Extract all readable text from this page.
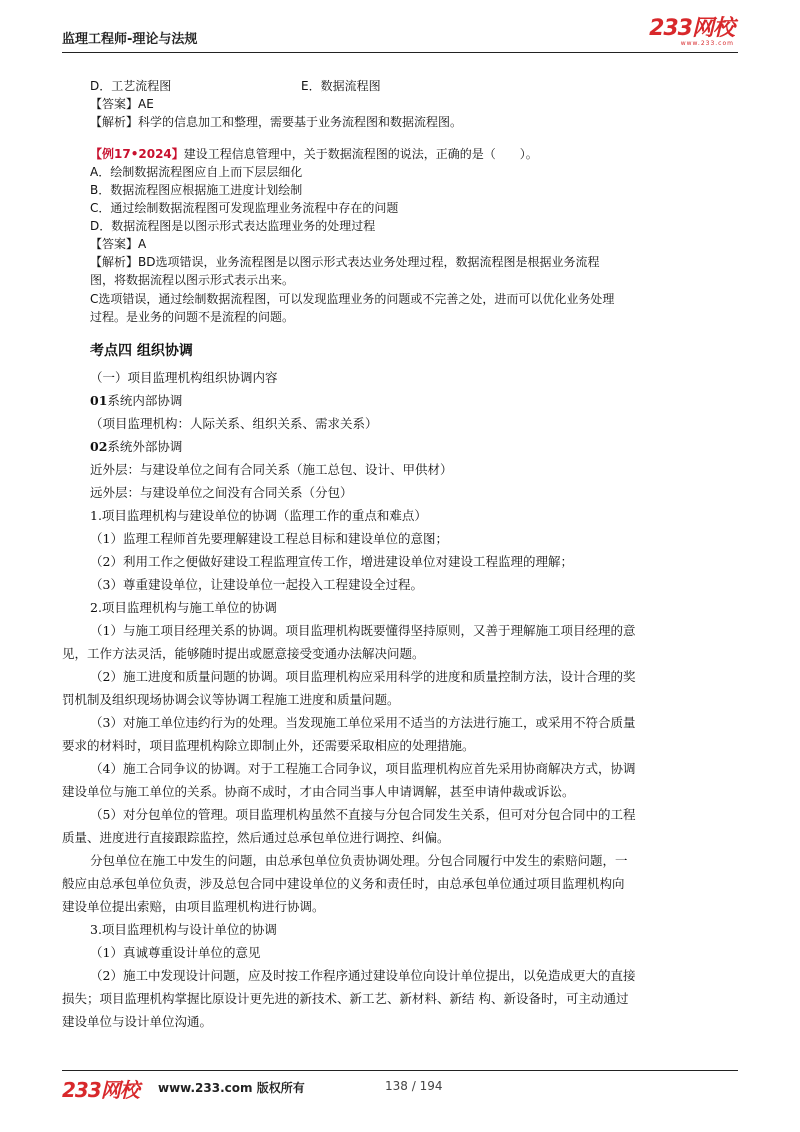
监理工程师-理论与法规	233网校
www.233.com
D．工艺流程图	E．数据流程图
【答案】AE
【解析】科学的信息加工和整理，需要基于业务流程图和数据流程图。
【例17•2024】建设工程信息管理中，关于数据流程图的说法，正确的是（　　）。
A．绘制数据流程图应自上而下层层细化
B．数据流程图应根据施工进度计划绘制
C．通过绘制数据流程图可发现监理业务流程中存在的问题
D．数据流程图是以图示形式表达监理业务的处理过程
【答案】A
【解析】BD选项错误，业务流程图是以图示形式表达业务处理过程，数据流程图是根据业务流程
图，将数据流程以图示形式表示出来。
C选项错误，通过绘制数据流程图，可以发现监理业务的问题或不完善之处，进而可以优化业务处理
过程。是业务的问题不是流程的问题。
考点四 组织协调
（一）项目监理机构组织协调内容
01系统内部协调
（项目监理机构：人际关系、组织关系、需求关系）
02系统外部协调
近外层：与建设单位之间有合同关系（施工总包、设计、甲供材）
远外层：与建设单位之间没有合同关系（分包）
1.项目监理机构与建设单位的协调（监理工作的重点和难点）
（1）监理工程师首先要理解建设工程总目标和建设单位的意图；
（2）利用工作之便做好建设工程监理宣传工作，增进建设单位对建设工程监理的理解；
（3）尊重建设单位，让建设单位一起投入工程建设全过程。
2.项目监理机构与施工单位的协调
（1）与施工项目经理关系的协调。项目监理机构既要懂得坚持原则，又善于理解施工项目经理的意
见，工作方法灵活，能够随时提出或愿意接受变通办法解决问题。
（2）施工进度和质量问题的协调。项目监理机构应采用科学的进度和质量控制方法，设计合理的奖
罚机制及组织现场协调会议等协调工程施工进度和质量问题。
（3）对施工单位违约行为的处理。当发现施工单位采用不适当的方法进行施工，或采用不符合质量
要求的材料时，项目监理机构除立即制止外，还需要采取相应的处理措施。
（4）施工合同争议的协调。对于工程施工合同争议，项目监理机构应首先采用协商解决方式，协调
建设单位与施工单位的关系。协商不成时，才由合同当事人申请调解，甚至申请仲裁或诉讼。
（5）对分包单位的管理。项目监理机构虽然不直接与分包合同发生关系，但可对分包合同中的工程
质量、进度进行直接跟踪监控，然后通过总承包单位进行调控、纠偏。
分包单位在施工中发生的问题，由总承包单位负责协调处理。分包合同履行中发生的索赔问题，一
般应由总承包单位负责，涉及总包合同中建设单位的义务和责任时，由总承包单位通过项目监理机构向
建设单位提出索赔，由项目监理机构进行协调。
3.项目监理机构与设计单位的协调
（1）真诚尊重设计单位的意见
（2）施工中发现设计问题，应及时按工作程序通过建设单位向设计单位提出，以免造成更大的直接
损失；项目监理机构掌握比原设计更先进的新技术、新工艺、新材料、新结 构、新设备时，可主动通过
建设单位与设计单位沟通。
233网校 www.233.com 版权所有	138 / 194
